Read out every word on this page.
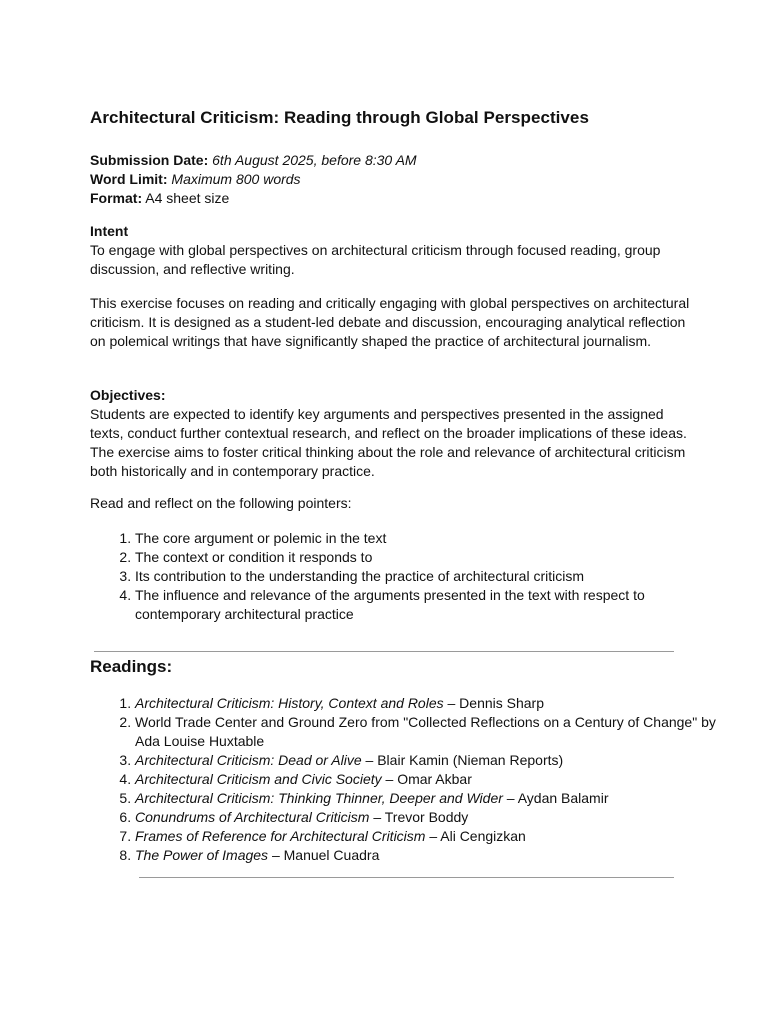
Architectural Criticism: Reading through Global Perspectives
Submission Date: 6th August 2025, before 8:30 AM
Word Limit: Maximum 800 words
Format: A4 sheet size
Intent
To engage with global perspectives on architectural criticism through focused reading, group discussion, and reflective writing.
This exercise focuses on reading and critically engaging with global perspectives on architectural criticism. It is designed as a student-led debate and discussion, encouraging analytical reflection on polemical writings that have significantly shaped the practice of architectural journalism.
Objectives:
Students are expected to identify key arguments and perspectives presented in the assigned texts, conduct further contextual research, and reflect on the broader implications of these ideas. The exercise aims to foster critical thinking about the role and relevance of architectural criticism both historically and in contemporary practice.
Read and reflect on the following pointers:
1. The core argument or polemic in the text
2. The context or condition it responds to
3. Its contribution to the understanding the practice of architectural criticism
4. The influence and relevance of the arguments presented in the text with respect to contemporary architectural practice
Readings:
1. Architectural Criticism: History, Context and Roles – Dennis Sharp
2. World Trade Center and Ground Zero from "Collected Reflections on a Century of Change" by Ada Louise Huxtable
3. Architectural Criticism: Dead or Alive – Blair Kamin (Nieman Reports)
4. Architectural Criticism and Civic Society – Omar Akbar
5. Architectural Criticism: Thinking Thinner, Deeper and Wider – Aydan Balamir
6. Conundrums of Architectural Criticism – Trevor Boddy
7. Frames of Reference for Architectural Criticism – Ali Cengizkan
8. The Power of Images – Manuel Cuadra
